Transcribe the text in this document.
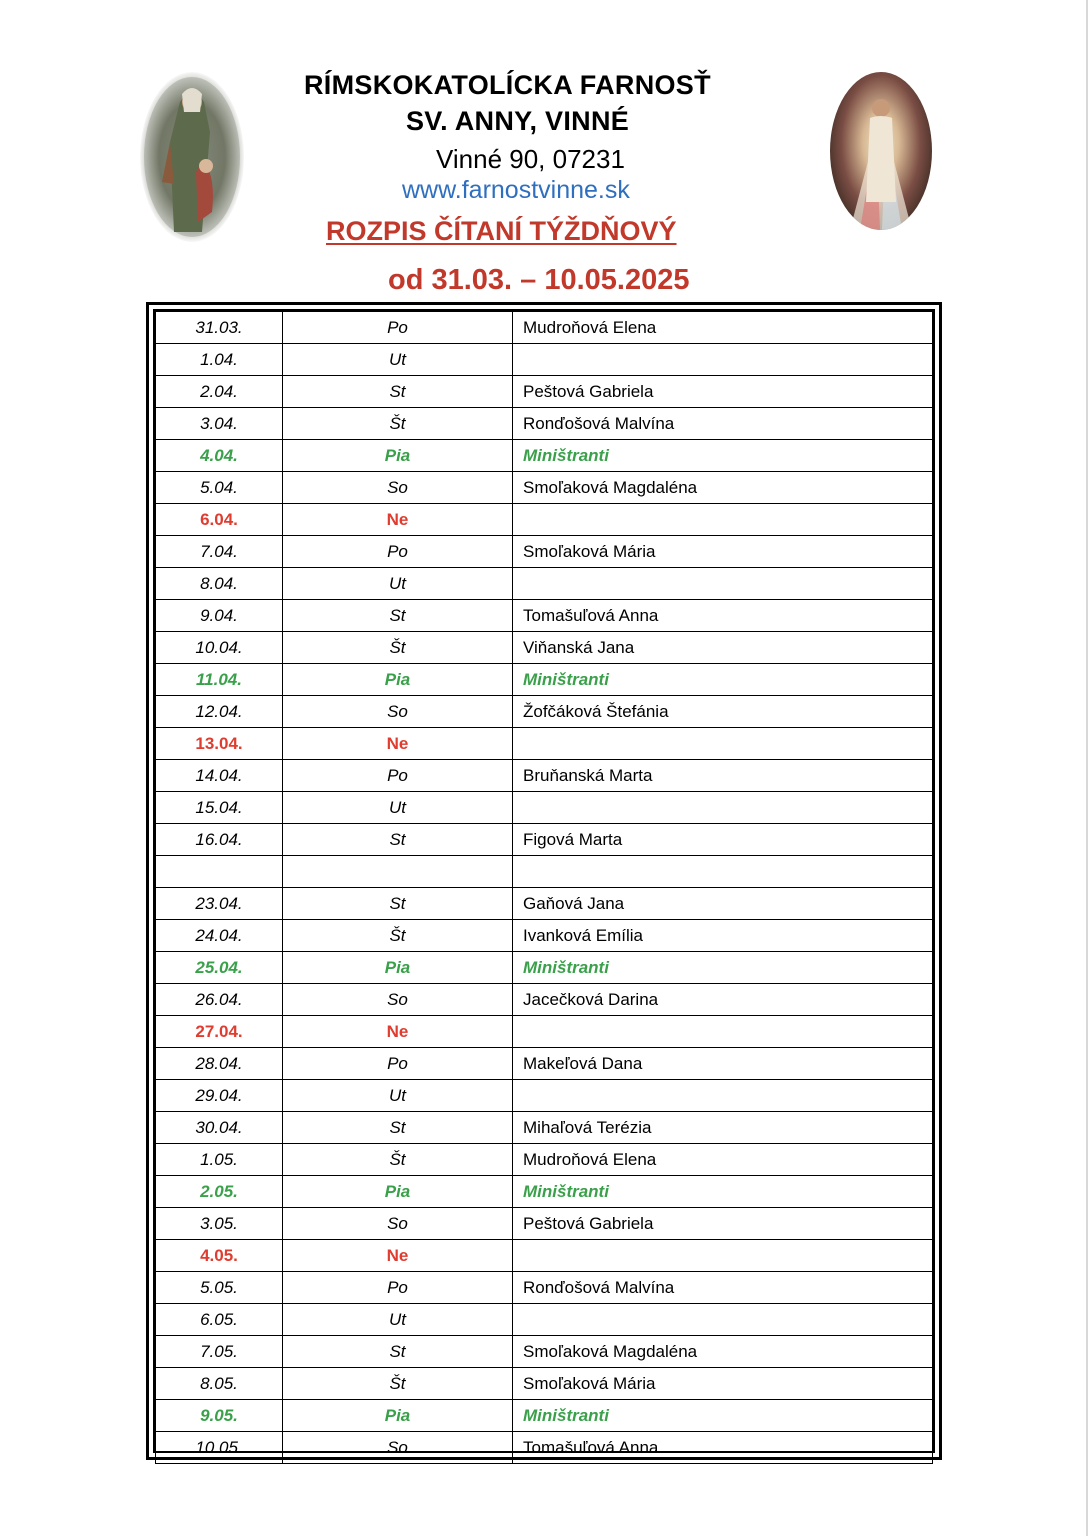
RÍMSKOKATOLÍCKA FARNOSŤ
SV. ANNY, VINNÉ
Vinné 90, 07231
www.farnostvinne.sk
ROZPIS ČÍTANÍ TÝŽDŇOVÝ
od 31.03. – 10.05.2025
31.03.	Po	Mudroňová Elena
1.04.	Ut	
2.04.	St	Peštová Gabriela
3.04.	Št	Ronďošová Malvína
4.04.	Pia	Miništranti
5.04.	So	Smoľaková Magdaléna
6.04.	Ne	
7.04.	Po	Smoľaková Mária
8.04.	Ut	
9.04.	St	Tomašuľová Anna
10.04.	Št	Viňanská Jana
11.04.	Pia	Miništranti
12.04.	So	Žofčáková Štefánia
13.04.	Ne	
14.04.	Po	Bruňanská Marta
15.04.	Ut	
16.04.	St	Figová Marta

23.04.	St	Gaňová Jana
24.04.	Št	Ivanková Emília
25.04.	Pia	Miništranti
26.04.	So	Jacečková Darina
27.04.	Ne	
28.04.	Po	Makeľová Dana
29.04.	Ut	
30.04.	St	Mihaľová Terézia
1.05.	Št	Mudroňová Elena
2.05.	Pia	Miništranti
3.05.	So	Peštová Gabriela
4.05.	Ne	
5.05.	Po	Ronďošová Malvína
6.05.	Ut	
7.05.	St	Smoľaková Magdaléna
8.05.	Št	Smoľaková Mária
9.05.	Pia	Miništranti
10.05.	So	Tomašuľová Anna
